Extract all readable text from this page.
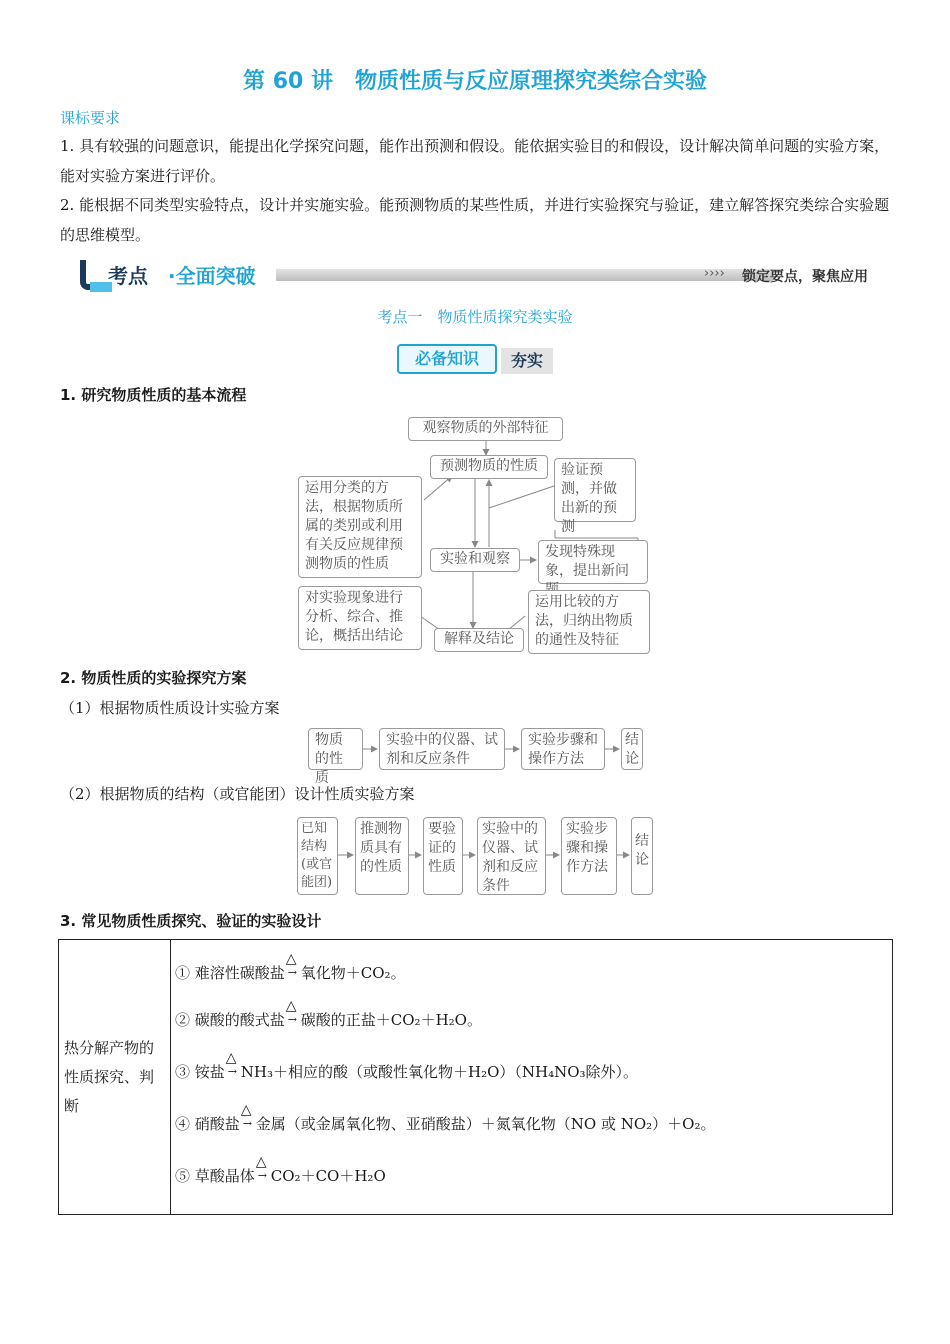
第 60 讲　物质性质与反应原理探究类综合实验
课标要求
1. 具有较强的问题意识，能提出化学探究问题，能作出预测和假设。能依据实验目的和假设，设计解决简单问题的实验方案，能对实验方案进行评价。
2. 能根据不同类型实验特点，设计并实施实验。能预测物质的某些性质，并进行实验探究与验证，建立解答探究类综合实验题的思维模型。
考点 ·全面突破	›››› 锁定要点，聚焦应用
考点一　物质性质探究类实验
必备知识	夯实
1. 研究物质性质的基本流程
观察物质的外部特征
预测物质的性质	验证预测，并做出新的预测
运用分类的方法，根据物质所属的类别或利用有关反应规律预测物质的性质	实验和观察	发现特殊现象，提出新问
对实验现象进行分析、综合、推论，概括出结论	解释及结论
运用比较的方法，归纳出物质的通性及特征
2. 物质性质的实验探究方案
（1）根据物质性质设计实验方案
物质的性质
实验中的仪器、试剂和反应条件
实验步骤和操作方法
结论
（2）根据物质的结构（或官能团）设计性质实验方案
已知结构(或官能团)
推测物质具有的性质
要验证的性质
实验中的仪器、试剂和反应条件
实验步骤和操作方法
结论
3. 常见物质性质探究、验证的实验设计
热分解产物的性质探究、判断	
① 难溶性碳酸盐
△
→ 氧化物＋CO₂。
② 碳酸的酸式盐
△
→ 碳酸的正盐＋CO₂＋H₂O。
③ 铵盐
△
→ NH₃＋相应的酸（或酸性氧化物＋H₂O）（NH₄NO₃除外）。
④ 硝酸盐
△
→ 金属（或金属氧化物、亚硝酸盐）＋氮氧化物（NO 或 NO₂）＋O₂。
⑤ 草酸晶体
△
→ CO₂＋CO＋H₂O
